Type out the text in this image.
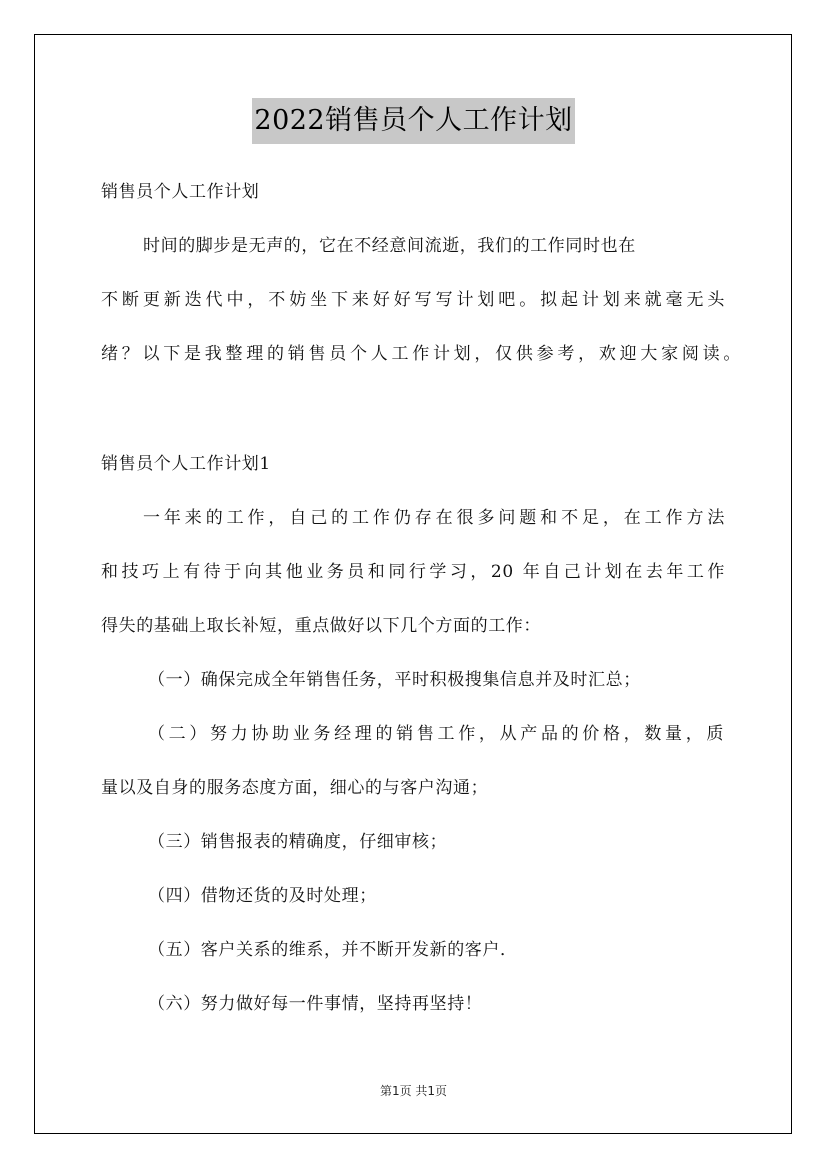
2022销售员个人工作计划
销售员个人工作计划
时间的脚步是无声的，它在不经意间流逝，我们的工作同时也在
不断更新迭代中，不妨坐下来好好写写计划吧。拟起计划来就毫无头
绪？以下是我整理的销售员个人工作计划，仅供参考，欢迎大家阅读。
销售员个人工作计划1
一年来的工作，自己的工作仍存在很多问题和不足，在工作方法
和技巧上有待于向其他业务员和同行学习，20 年自己计划在去年工作
得失的基础上取长补短，重点做好以下几个方面的工作：
（一）确保完成全年销售任务，平时积极搜集信息并及时汇总；
（二）努力协助业务经理的销售工作，从产品的价格，数量，质
量以及自身的服务态度方面，细心的与客户沟通；
（三）销售报表的精确度，仔细审核；
（四）借物还货的及时处理；
（五）客户关系的维系，并不断开发新的客户．
（六）努力做好每一件事情，坚持再坚持！
第1页 共1页
